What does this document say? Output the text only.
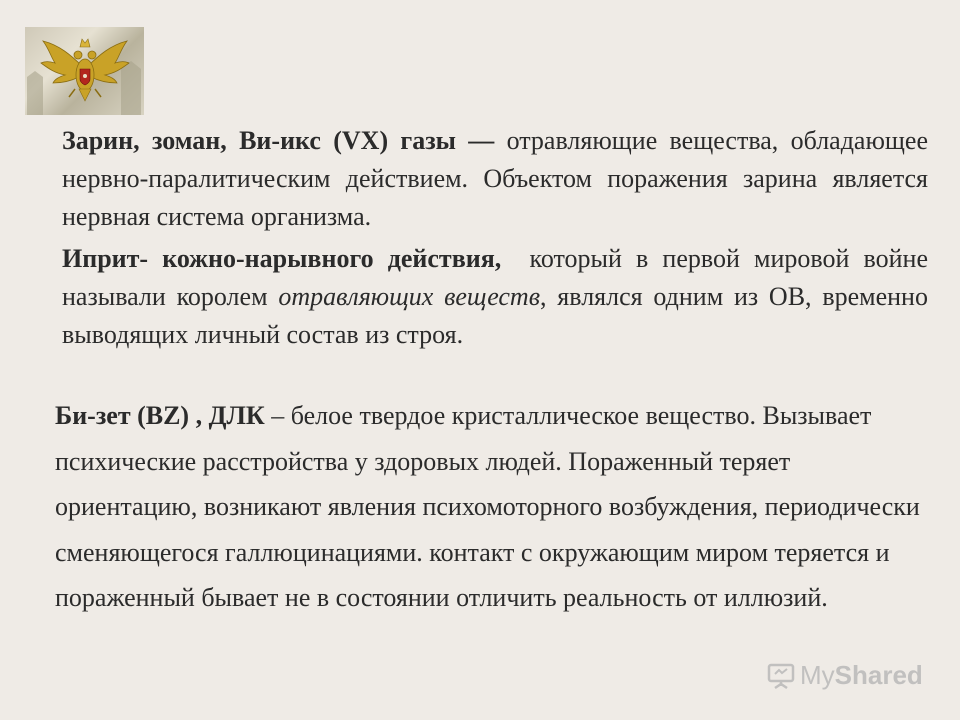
Зарин, зоман, Ви-икс (VX) газы — отравляющие вещества, обладающее нервно-паралитическим действием. Объектом поражения зарина является нервная система организма.
Иприт- кожно-нарывного действия,  который в первой мировой войне называли королем отравляющих веществ, являлся одним из ОВ, временно выводящих личный состав из строя.
Би-зет (BZ) , ДЛК – белое твердое кристаллическое вещество. Вызывает психические расстройства у здоровых людей. Пораженный теряет ориентацию, возникают явления психомоторного возбуждения, периодически сменяющегося галлюцинациями. контакт с окружающим миром теряется и пораженный бывает не в состоянии отличить реальность от иллюзий.
My Shared
